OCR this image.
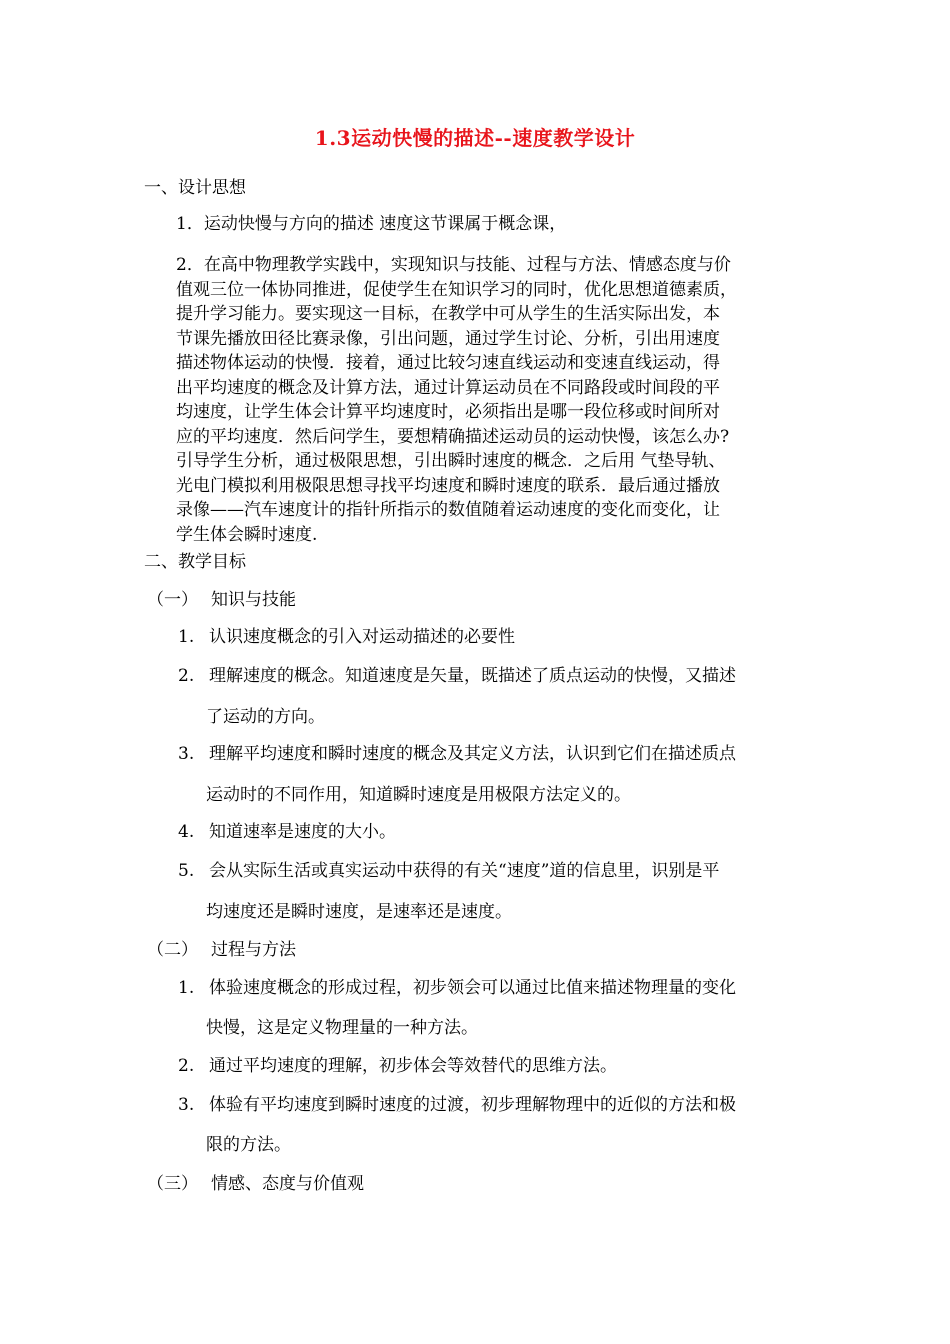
1.3运动快慢的描述--速度教学设计
一、设计思想
1．运动快慢与方向的描述 速度这节课属于概念课，
2．在高中物理教学实践中，实现知识与技能、过程与方法、情感态度与价
值观三位一体协同推进，促使学生在知识学习的同时，优化思想道德素质，
提升学习能力。要实现这一目标，在教学中可从学生的生活实际出发，本
节课先播放田径比赛录像，引出问题，通过学生讨论、分析，引出用速度
描述物体运动的快慢．接着，通过比较匀速直线运动和变速直线运动，得
出平均速度的概念及计算方法，通过计算运动员在不同路段或时间段的平
均速度，让学生体会计算平均速度时，必须指出是哪一段位移或时间所对
应的平均速度．然后问学生，要想精确描述运动员的运动快慢，该怎么办?
引导学生分析，通过极限思想，引出瞬时速度的概念．之后用 气垫导轨、
光电门模拟利用极限思想寻找平均速度和瞬时速度的联系．最后通过播放
录像——汽车速度计的指针所指示的数值随着运动速度的变化而变化，让
学生体会瞬时速度.
二、教学目标
（一） 知识与技能
1. 认识速度概念的引入对运动描述的必要性
2. 理解速度的概念。知道速度是矢量，既描述了质点运动的快慢，又描述
了运动的方向。
3. 理解平均速度和瞬时速度的概念及其定义方法，认识到它们在描述质点
运动时的不同作用，知道瞬时速度是用极限方法定义的。
4. 知道速率是速度的大小。
5. 会从实际生活或真实运动中获得的有关“速度”道的信息里，识别是平
均速度还是瞬时速度，是速率还是速度。
（二） 过程与方法
1. 体验速度概念的形成过程，初步领会可以通过比值来描述物理量的变化
快慢，这是定义物理量的一种方法。
2. 通过平均速度的理解，初步体会等效替代的思维方法。
3. 体验有平均速度到瞬时速度的过渡，初步理解物理中的近似的方法和极
限的方法。
（三） 情感、态度与价值观
